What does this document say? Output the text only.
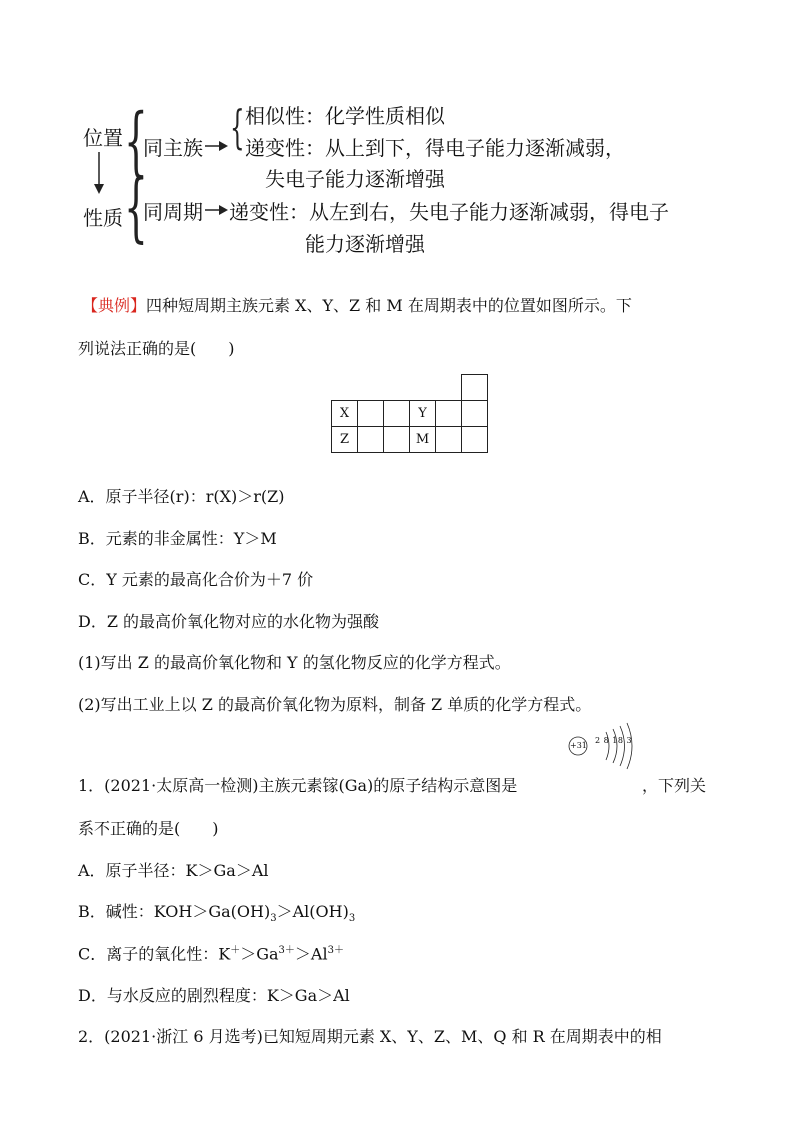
位置
性质
{
{
同主族 { 相似性：化学性质相似
递变性：从上到下，得电子能力逐渐减弱，
失电子能力逐渐增强
同周期 递变性：从左到右，失电子能力逐渐减弱，得电子
能力逐渐增强
【典例】四种短周期主族元素 X、Y、Z 和 M 在周期表中的位置如图所示。下
列说法正确的是(　　)

X			Y		
Z			M		
A．原子半径(r)：r(X)＞r(Z)
B．元素的非金属性：Y＞M
C．Y 元素的最高化合价为＋7 价
D．Z 的最高价氧化物对应的水化物为强酸
(1)写出 Z 的最高价氧化物和 Y 的氢化物反应的化学方程式。
(2)写出工业上以 Z 的最高价氧化物为原料，制备 Z 单质的化学方程式。
1．(2021·太原高一检测)主族元素镓(Ga)的原子结构示意图是
+31
2 8 18 3
，下列关
系不正确的是(　　)
A．原子半径：K＞Ga＞Al
B．碱性：$KOH>Ga(OH)_3>Al(OH)_3$
C．离子的氧化性：$K^+>Ga^{3+}>Al^{3+}$
D．与水反应的剧烈程度：K＞Ga＞Al
2．(2021·浙江 6 月选考)已知短周期元素 X、Y、Z、M、Q 和 R 在周期表中的相
